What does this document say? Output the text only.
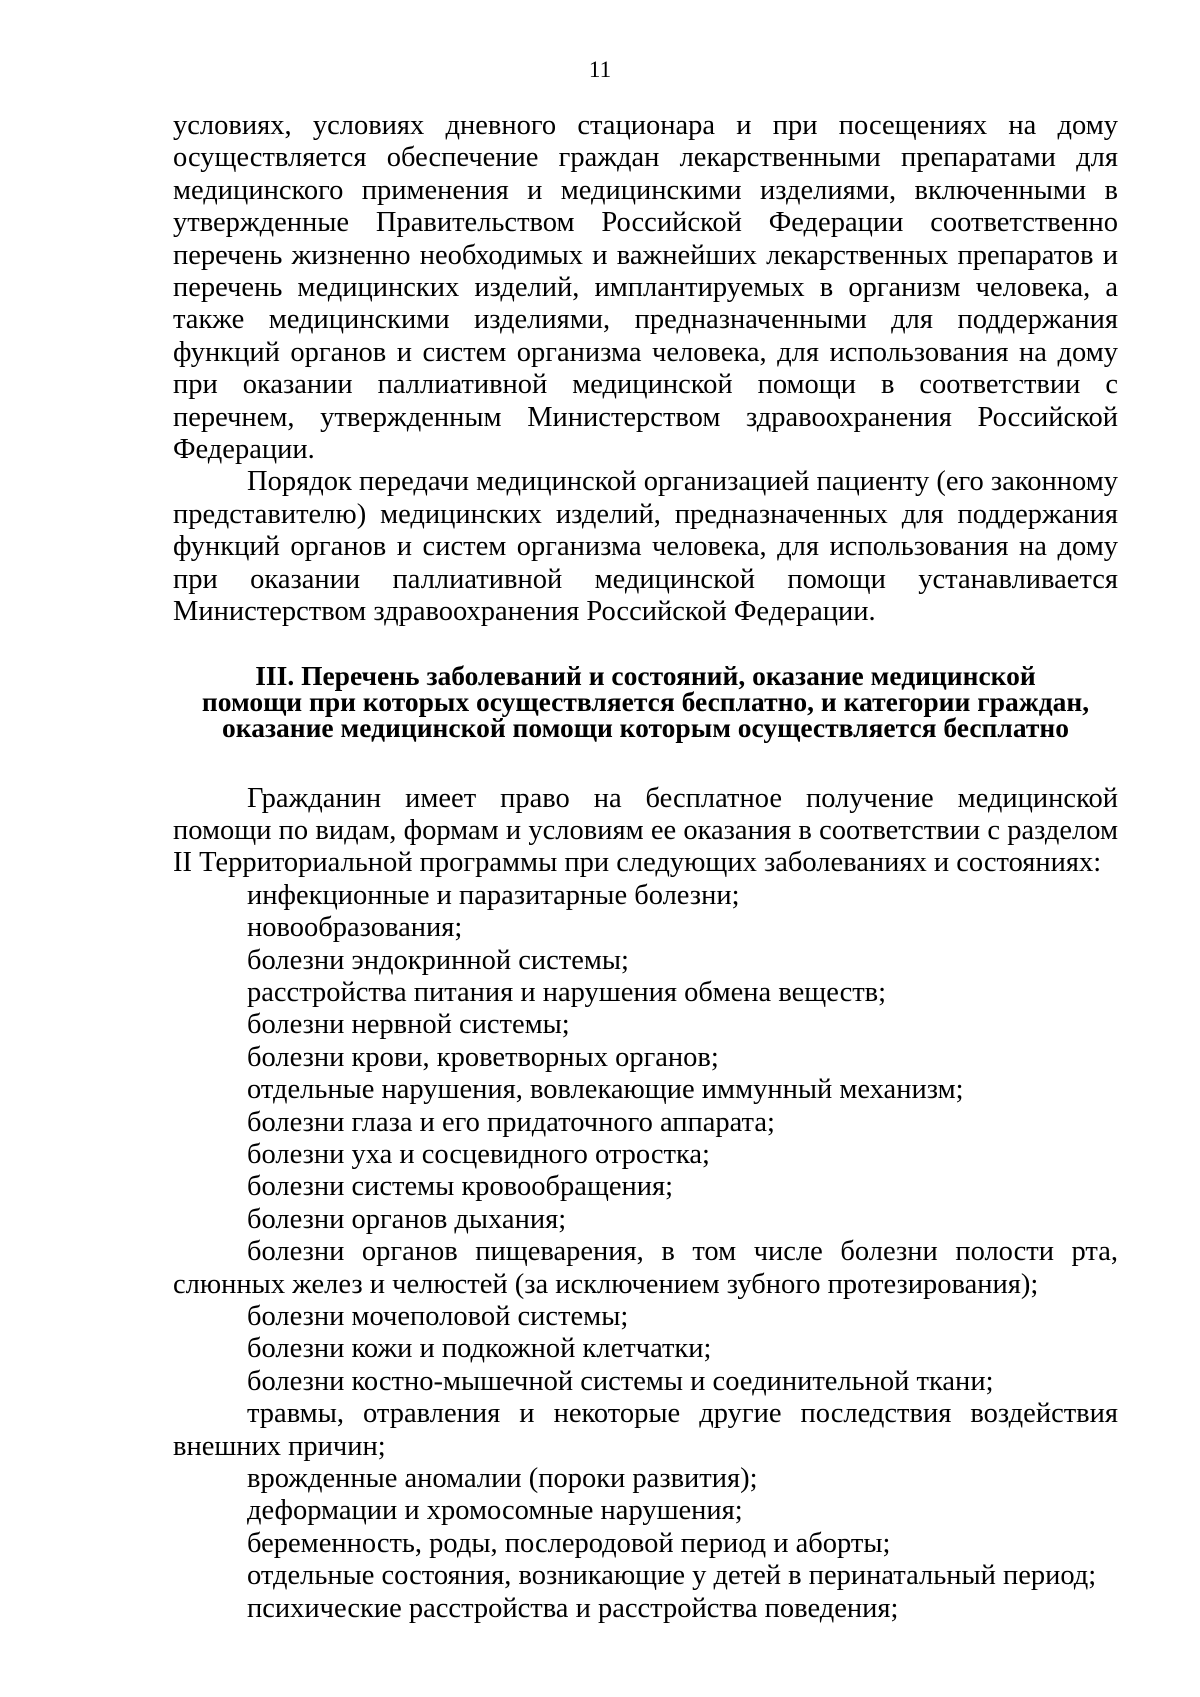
11

условиях, условиях дневного стационара и при посещениях на дому осуществляется обеспечение граждан лекарственными препаратами для медицинского применения и медицинскими изделиями, включенными в утвержденные Правительством Российской Федерации соответственно перечень жизненно необходимых и важнейших лекарственных препаратов и перечень медицинских изделий, имплантируемых в организм человека, а также медицинскими изделиями, предназначенными для поддержания функций органов и систем организма человека, для использования на дому при оказании паллиативной медицинской помощи в соответствии с перечнем, утвержденным Министерством здравоохранения Российской Федерации.

Порядок передачи медицинской организацией пациенту (его законному представителю) медицинских изделий, предназначенных для поддержания функций органов и систем организма человека, для использования на дому при оказании паллиативной медицинской помощи устанавливается Министерством здравоохранения Российской Федерации.

III. Перечень заболеваний и состояний, оказание медицинской
помощи при которых осуществляется бесплатно, и категории граждан,
оказание медицинской помощи которым осуществляется бесплатно

Гражданин имеет право на бесплатное получение медицинской помощи по видам, формам и условиям ее оказания в соответствии с разделом II Территориальной программы при следующих заболеваниях и состояниях:

инфекционные и паразитарные болезни;

новообразования;

болезни эндокринной системы;

расстройства питания и нарушения обмена веществ;

болезни нервной системы;

болезни крови, кроветворных органов;

отдельные нарушения, вовлекающие иммунный механизм;

болезни глаза и его придаточного аппарата;

болезни уха и сосцевидного отростка;

болезни системы кровообращения;

болезни органов дыхания;

болезни органов пищеварения, в том числе болезни полости рта, слюнных желез и челюстей (за исключением зубного протезирования);

болезни мочеполовой системы;

болезни кожи и подкожной клетчатки;

болезни костно-мышечной системы и соединительной ткани;

травмы, отравления и некоторые другие последствия воздействия внешних причин;

врожденные аномалии (пороки развития);

деформации и хромосомные нарушения;

беременность, роды, послеродовой период и аборты;

отдельные состояния, возникающие у детей в перинатальный период;

психические расстройства и расстройства поведения;
